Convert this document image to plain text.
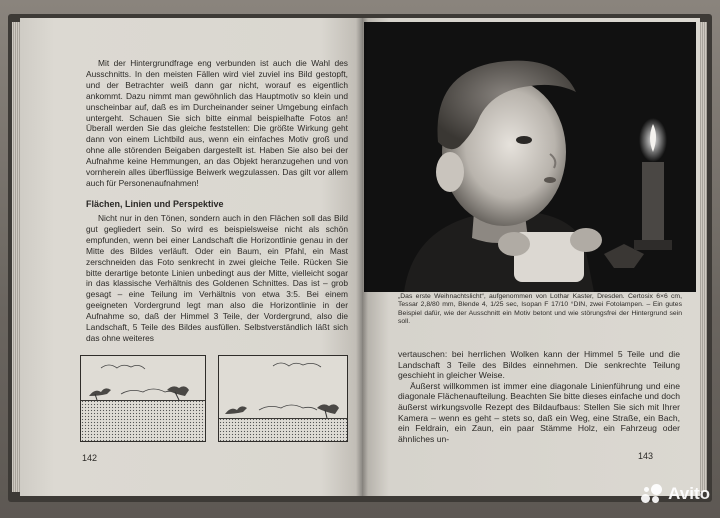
Mit der Hintergrundfrage eng verbunden ist auch die Wahl des Ausschnitts. In den meisten Fällen wird viel zuviel ins Bild gestopft, und der Betrachter weiß dann gar nicht, worauf es eigentlich ankommt. Dazu nimmt man gewöhnlich das Hauptmotiv so klein und unscheinbar auf, daß es im Durcheinander seiner Umgebung einfach untergeht. Schauen Sie sich bitte einmal beispielhafte Fotos an! Überall werden Sie das gleiche feststellen: Die größte Wirkung geht dann von einem Lichtbild aus, wenn ein einfaches Motiv groß und ohne alle störenden Beigaben dargestellt ist. Haben Sie also bei der Aufnahme keine Hemmungen, an das Objekt heranzugehen und von vornherein alles überflüssige Beiwerk wegzulassen. Das gilt vor allem auch für Personenaufnahmen!

Flächen, Linien und Perspektive

Nicht nur in den Tönen, sondern auch in den Flächen soll das Bild gut gegliedert sein. So wird es beispielsweise nicht als schön empfunden, wenn bei einer Landschaft die Horizontlinie genau in der Mitte des Bildes verläuft. Oder ein Baum, ein Pfahl, ein Mast zerschneiden das Foto senkrecht in zwei gleiche Teile. Rücken Sie bitte derartige betonte Linien unbedingt aus der Mitte, vielleicht sogar in das klassische Verhältnis des Goldenen Schnittes. Das ist – grob gesagt – eine Teilung im Verhältnis von etwa 3:5. Bei einem geeigneten Vordergrund legt man also die Horizontlinie in der Aufnahme so, daß der Himmel 3 Teile, der Vordergrund, also die Landschaft, 5 Teile des Bildes ausfüllen. Selbstverständlich läßt sich das ohne weiteres

142
„Das erste Weihnachtslicht“, aufgenommen von Lothar Kaster, Dresden. Certosix 6×6 cm, Tessar 2,8/80 mm, Blende 4, 1/25 sec, Isopan F 17/10 °DIN, zwei Fotolampen. – Ein gutes Beispiel dafür, wie der Ausschnitt ein Motiv betont und wie störungsfrei der Hintergrund sein soll.

vertauschen: bei herrlichen Wolken kann der Himmel 5 Teile und die Landschaft 3 Teile des Bildes einnehmen. Die senkrechte Teilung geschieht in gleicher Weise.

Äußerst willkommen ist immer eine diagonale Linienführung und eine diagonale Flächenaufteilung. Beachten Sie bitte dieses einfache und doch äußerst wirkungsvolle Rezept des Bildaufbaus: Stellen Sie sich mit Ihrer Kamera – wenn es geht – stets so, daß ein Weg, eine Straße, ein Bach, ein Feldrain, ein Zaun, ein paar Stämme Holz, ein Fahrzeug oder ähnliches un-

143
Avito
